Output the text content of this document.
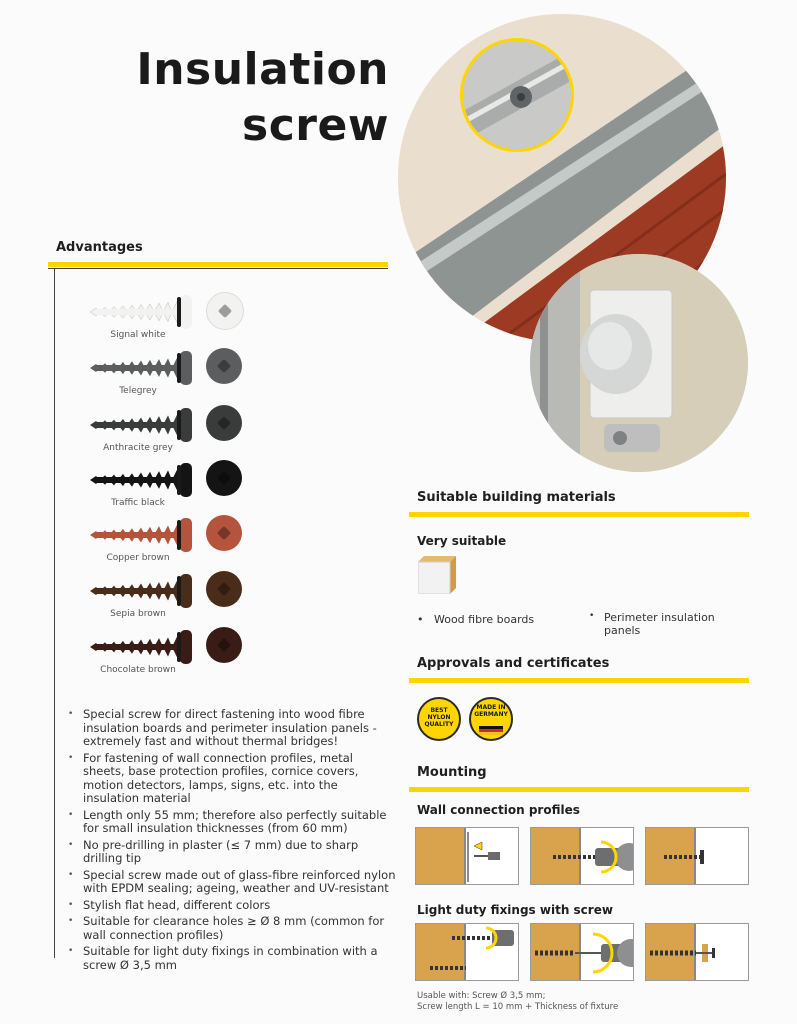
Insulation
screw
Advantages
Signal white
Telegrey
Anthracite grey
Traffic black
Copper brown
Sepia brown
Chocolate brown
• Special screw for direct fastening into wood fibre insulation boards and perimeter insulation panels - extremely fast and without thermal bridges!
• For fastening of wall connection profiles, metal sheets, base protection profiles, cornice covers, motion detectors, lamps, signs, etc. into the insulation material
• Length only 55 mm; therefore also perfectly suitable for small insulation thicknesses (from 60 mm)
• No pre-drilling in plaster (≤ 7 mm) due to sharp drilling tip
• Special screw made out of glass-fibre reinforced nylon with EPDM sealing; ageing, weather and UV-resistant
• Stylish flat head, different colors
• Suitable for clearance holes ≥ Ø 8 mm (common for wall connection profiles)
• Suitable for light duty fixings in combination with a screw Ø 3,5 mm
Suitable building materials
Very suitable
•   Wood fibre boards	• Perimeter insulation panels
Approvals and certificates
BEST NYLON QUALITY
MADE IN GERMANY
Mounting
Wall connection profiles
Light duty fixings with screw
Usable with: Screw Ø 3,5 mm;
Screw length L = 10 mm + Thickness of fixture
